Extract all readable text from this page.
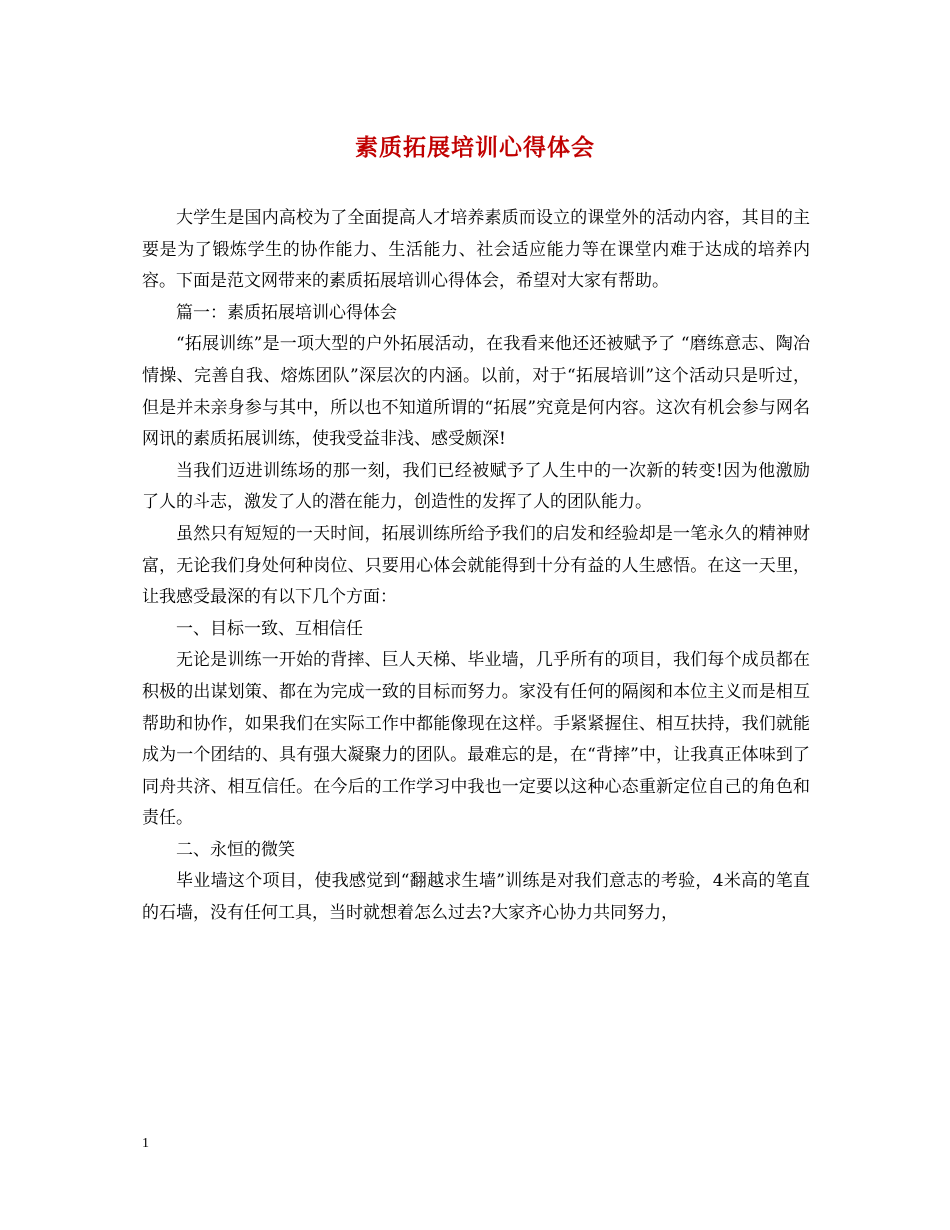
素质拓展培训心得体会

大学生是国内高校为了全面提高人才培养素质而设立的课堂外的活动内容，其目的主要是为了锻炼学生的协作能力、生活能力、社会适应能力等在课堂内难于达成的培养内容。下面是范文网带来的素质拓展培训心得体会，希望对大家有帮助。

篇一：素质拓展培训心得体会

“拓展训练”是一项大型的户外拓展活动，在我看来他还还被赋予了 “磨练意志、陶冶情操、完善自我、熔炼团队”深层次的内涵。以前，对于“拓展培训”这个活动只是听过，但是并未亲身参与其中，所以也不知道所谓的“拓展”究竟是何内容。这次有机会参与网名网讯的素质拓展训练，使我受益非浅、感受颇深!

当我们迈进训练场的那一刻，我们已经被赋予了人生中的一次新的转变!因为他激励了人的斗志，激发了人的潜在能力，创造性的发挥了人的团队能力。

虽然只有短短的一天时间，拓展训练所给予我们的启发和经验却是一笔永久的精神财富，无论我们身处何种岗位、只要用心体会就能得到十分有益的人生感悟。在这一天里，让我感受最深的有以下几个方面：

一、目标一致、互相信任

无论是训练一开始的背摔、巨人天梯、毕业墙，几乎所有的项目，我们每个成员都在积极的出谋划策、都在为完成一致的目标而努力。家没有任何的隔阂和本位主义而是相互帮助和协作，如果我们在实际工作中都能像现在这样。手紧紧握住、相互扶持，我们就能成为一个团结的、具有强大凝聚力的团队。最难忘的是，在“背摔”中，让我真正体味到了同舟共济、相互信任。在今后的工作学习中我也一定要以这种心态重新定位自己的角色和责任。

二、永恒的微笑

毕业墙这个项目，使我感觉到“翻越求生墙”训练是对我们意志的考验，4米高的笔直的石墙，没有任何工具，当时就想着怎么过去?大家齐心协力共同努力，

1
